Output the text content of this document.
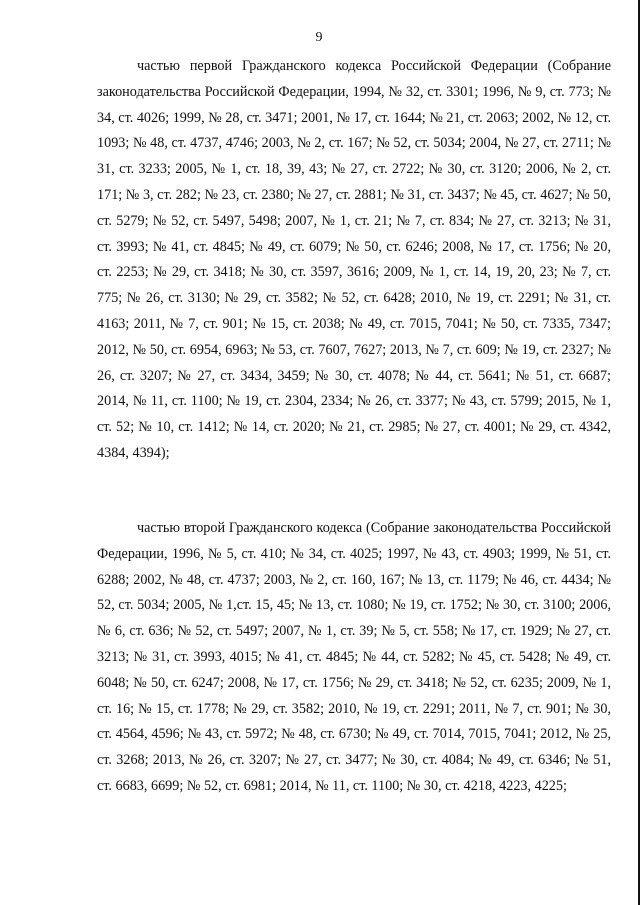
9

частью первой Гражданского кодекса Российской Федерации (Собрание законодательства Российской Федерации, 1994, № 32, ст. 3301; 1996, № 9, ст. 773; № 34, ст. 4026; 1999, № 28, ст. 3471; 2001, № 17, ст. 1644; № 21, ст. 2063; 2002, № 12, ст. 1093; № 48, ст. 4737, 4746; 2003, № 2, ст. 167; № 52, ст. 5034; 2004, № 27, ст. 2711; № 31, ст. 3233; 2005, № 1, ст. 18, 39, 43; № 27, ст. 2722; № 30, ст. 3120; 2006, № 2, ст. 171; № 3, ст. 282; № 23, ст. 2380; № 27, ст. 2881; № 31, ст. 3437; № 45, ст. 4627; № 50, ст. 5279; № 52, ст. 5497, 5498; 2007, № 1, ст. 21; № 7, ст. 834; № 27, ст. 3213; № 31, ст. 3993; № 41, ст. 4845; № 49, ст. 6079; № 50, ст. 6246; 2008, № 17, ст. 1756; № 20, ст. 2253; № 29, ст. 3418; № 30, ст. 3597, 3616; 2009, № 1, ст. 14, 19, 20, 23; № 7, ст. 775; № 26, ст. 3130; № 29, ст. 3582; № 52, ст. 6428; 2010, № 19, ст. 2291; № 31, ст. 4163; 2011, № 7, ст. 901; № 15, ст. 2038; № 49, ст. 7015, 7041; № 50, ст. 7335, 7347; 2012, № 50, ст. 6954, 6963; № 53, ст. 7607, 7627; 2013, № 7, ст. 609; № 19, ст. 2327; № 26, ст. 3207; № 27, ст. 3434, 3459; № 30, ст. 4078; № 44, ст. 5641; № 51, ст. 6687; 2014, № 11, ст. 1100; № 19, ст. 2304, 2334; № 26, ст. 3377; № 43, ст. 5799; 2015, № 1, ст. 52; № 10, ст. 1412; № 14, ст. 2020; № 21, ст. 2985; № 27, ст. 4001; № 29, ст. 4342, 4384, 4394);

частью второй Гражданского кодекса (Собрание законодательства Российской Федерации, 1996, № 5, ст. 410; № 34, ст. 4025; 1997, № 43, ст. 4903; 1999, № 51, ст. 6288; 2002, № 48, ст. 4737; 2003, № 2, ст. 160, 167; № 13, ст. 1179; № 46, ст. 4434; № 52, ст. 5034; 2005, № 1,ст. 15, 45; № 13, ст. 1080; № 19, ст. 1752; № 30, ст. 3100; 2006, № 6, ст. 636; № 52, ст. 5497; 2007, № 1, ст. 39; № 5, ст. 558; № 17, ст. 1929; № 27, ст. 3213; № 31, ст. 3993, 4015; № 41, ст. 4845; № 44, ст. 5282; № 45, ст. 5428; № 49, ст. 6048; № 50, ст. 6247; 2008, № 17, ст. 1756; № 29, ст. 3418; № 52, ст. 6235; 2009, № 1, ст. 16; № 15, ст. 1778; № 29, ст. 3582; 2010, № 19, ст. 2291; 2011, № 7, ст. 901; № 30, ст. 4564, 4596; № 43, ст. 5972; № 48, ст. 6730; № 49, ст. 7014, 7015, 7041; 2012, № 25, ст. 3268; 2013, № 26, ст. 3207; № 27, ст. 3477; № 30, ст. 4084; № 49, ст. 6346; № 51, ст. 6683, 6699; № 52, ст. 6981; 2014, № 11, ст. 1100; № 30, ст. 4218, 4223, 4225;
